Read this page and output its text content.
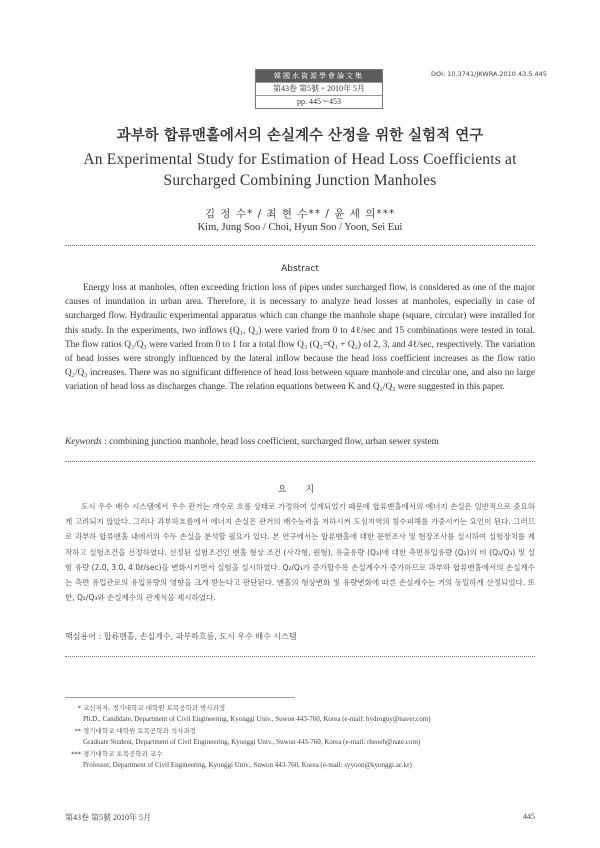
韓國水資源學會論文集
第43卷 第5號・2010年 5月
pp. 445～453
DOI: 10.3741/JKWRA.2010.43.5.445
과부하 합류맨홀에서의 손실계수 산정을 위한 실험적 연구
An Experimental Study for Estimation of Head Loss Coefficients at
Surcharged Combining Junction Manholes
김 정 수* / 최 현 수** / 윤 세 의***
Kim, Jung Soo / Choi, Hyun Soo / Yoon, Sei Eui
Abstract

Energy loss at manholes, often exceeding friction loss of pipes under surcharged flow, is considered as one of the major causes of inundation in urban area. Therefore, it is necessary to analyze head losses at manholes, especially in case of surcharged flow. Hydraulic experimental apparatus which can change the manhole shape (square, circular) were installed for this study. In the experiments, two inflows (Q₁, Q₂) were varied from 0 to 4ℓ/sec and 15 combinations were tested in total. The flow ratios Q₂/Q₃ were varied from 0 to 1 for a total flow Q₃ (Q₃=Q₁ + Q₂) of 2, 3, and 4ℓ/sec, respectively. The variation of head losses were strongly influenced by the lateral inflow because the head loss coefficient increases as the flow ratio Q₂/Q₃ increases. There was no significant difference of head loss between square manhole and circular one, and also no large variation of head loss as discharges change. The relation equations between K and Q₂/Q₃ were suggested in this paper.

Keywords : combining junction manhole, head loss coefficient, surcharged flow, urban sewer system
요 지

도시 우수 배수 시스템에서 우수 관거는 개수로 흐름 상태로 가정하여 설계되었기 때문에 합류맨홀에서의 에너지 손실은 일반적으로 중요하게 고려되지 않았다. 그러나 과부하흐름에서 에너지 손실은 관거의 배수능력을 저하시켜 도심지역의 침수피해를 가중시키는 요인이 된다. 그러므로 과부하 합류맨홀 내에서의 수두 손실을 분석할 필요가 있다. 본 연구에서는 합류맨홀에 대한 문헌조사 및 현장조사를 실시하여 실험장치를 제작하고 실험조건을 선정하였다. 선정된 실험조건인 맨홀 형상 조건 (사각형, 원형), 유출유량 (Q₃)에 대한 측면유입유량 (Q₂)의 비 (Q₂/Q₃) 및 실험 유량 (2.0, 3.0, 4.0ℓ/sec)을 변화시키면서 실험을 실시하였다. Q₂/Q₃가 증가할수록 손실계수가 증가하므로 과부하 합류맨홀에서의 손실계수는 측면 유입관로의 유입유량의 영향을 크게 받는다고 판단된다. 맨홀의 형상변화 및 유량변화에 따른 손실계수는 거의 동일하게 산정되었다. 또한, Q₂/Q₃와 손실계수의 관계식을 제시하였다.

핵심용어 : 합류맨홀, 손실계수, 과부하흐름, 도시 우수 배수 시스템
* 교신저자, 경기대학교 대학원 토목공학과 박사과정
Ph.D., Candidate, Department of Civil Engineering, Kyonggi Univ., Suwon 443-760, Korea (e-mail: hydroguy@naver.com)
** 경기대학교 대학원 토목공학과 석사과정
Graduate Student, Department of Civil Engineering, Kyonggi Univ., Suwon 443-760, Korea (e-mail: rheoeh@nate.com)
*** 경기대학교 토목공학과 교수
Professor, Department of Civil Engineering, Kyonggi Univ., Suwon 443-760, Korea (e-mail: syyoon@kyonggi.ac.kr)
第43卷 第5號 2010年 5月	445
